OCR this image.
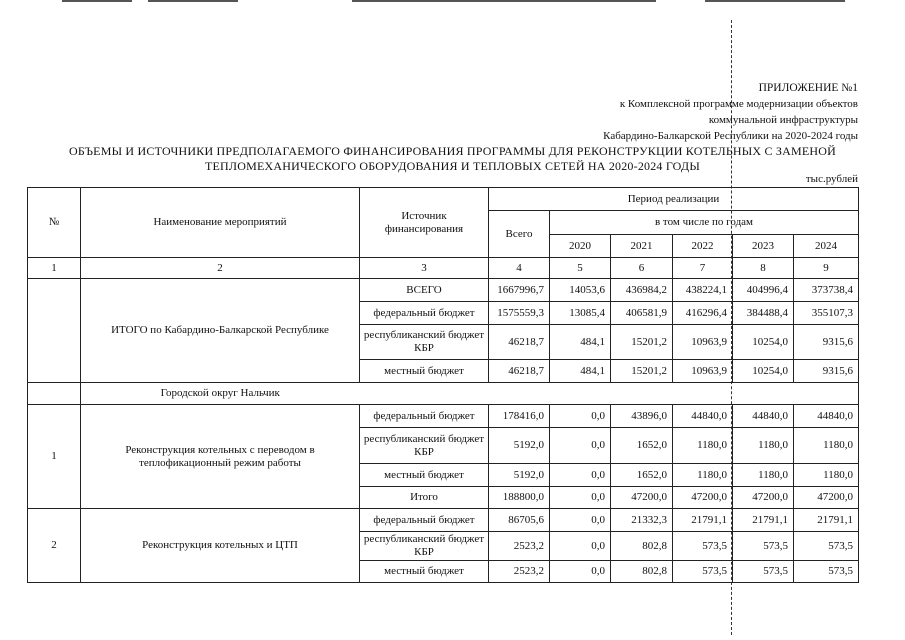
ПРИЛОЖЕНИЕ №1
к Комплексной программе модернизации объектов
коммунальной инфраструктуры
Кабардино-Балкарской Республики на 2020-2024 годы
ОБЪЕМЫ И ИСТОЧНИКИ ПРЕДПОЛАГАЕМОГО ФИНАНСИРОВАНИЯ ПРОГРАММЫ ДЛЯ РЕКОНСТРУКЦИИ КОТЕЛЬНЫХ С ЗАМЕНОЙ
ТЕПЛОМЕХАНИЧЕСКОГО ОБОРУДОВАНИЯ И ТЕПЛОВЫХ СЕТЕЙ НА 2020-2024 ГОДЫ
тыс.рублей
№	Наименование мероприятий	Источник финансирования	Период реализации					
			Всего	в том числе по годам				
				2020	2021	2022	2023	2024
1	2	3	4	5	6	7	8	9
	ИТОГО по Кабардино-Балкарской Республике	ВСЕГО	1667996,7	14053,6	436984,2	438224,1	404996,4	373738,4
		федеральный бюджет	1575559,3	13085,4	406581,9	416296,4	384488,4	355107,3
		республиканский бюджет КБР	46218,7	484,1	15201,2	10963,9	10254,0	9315,6
		местный бюджет	46218,7	484,1	15201,2	10963,9	10254,0	9315,6
	Городской округ Нальчик							
1	Реконструкция котельных с переводом в теплофикационный режим работы	федеральный бюджет	178416,0	0,0	43896,0	44840,0	44840,0	44840,0
		республиканский бюджет КБР	5192,0	0,0	1652,0	1180,0	1180,0	1180,0
		местный бюджет	5192,0	0,0	1652,0	1180,0	1180,0	1180,0
		Итого	188800,0	0,0	47200,0	47200,0	47200,0	47200,0
2	Реконструкция котельных и ЦТП	федеральный бюджет	86705,6	0,0	21332,3	21791,1	21791,1	21791,1
		республиканский бюджет КБР	2523,2	0,0	802,8	573,5	573,5	573,5
		местный бюджет	2523,2	0,0	802,8	573,5	573,5	573,5
